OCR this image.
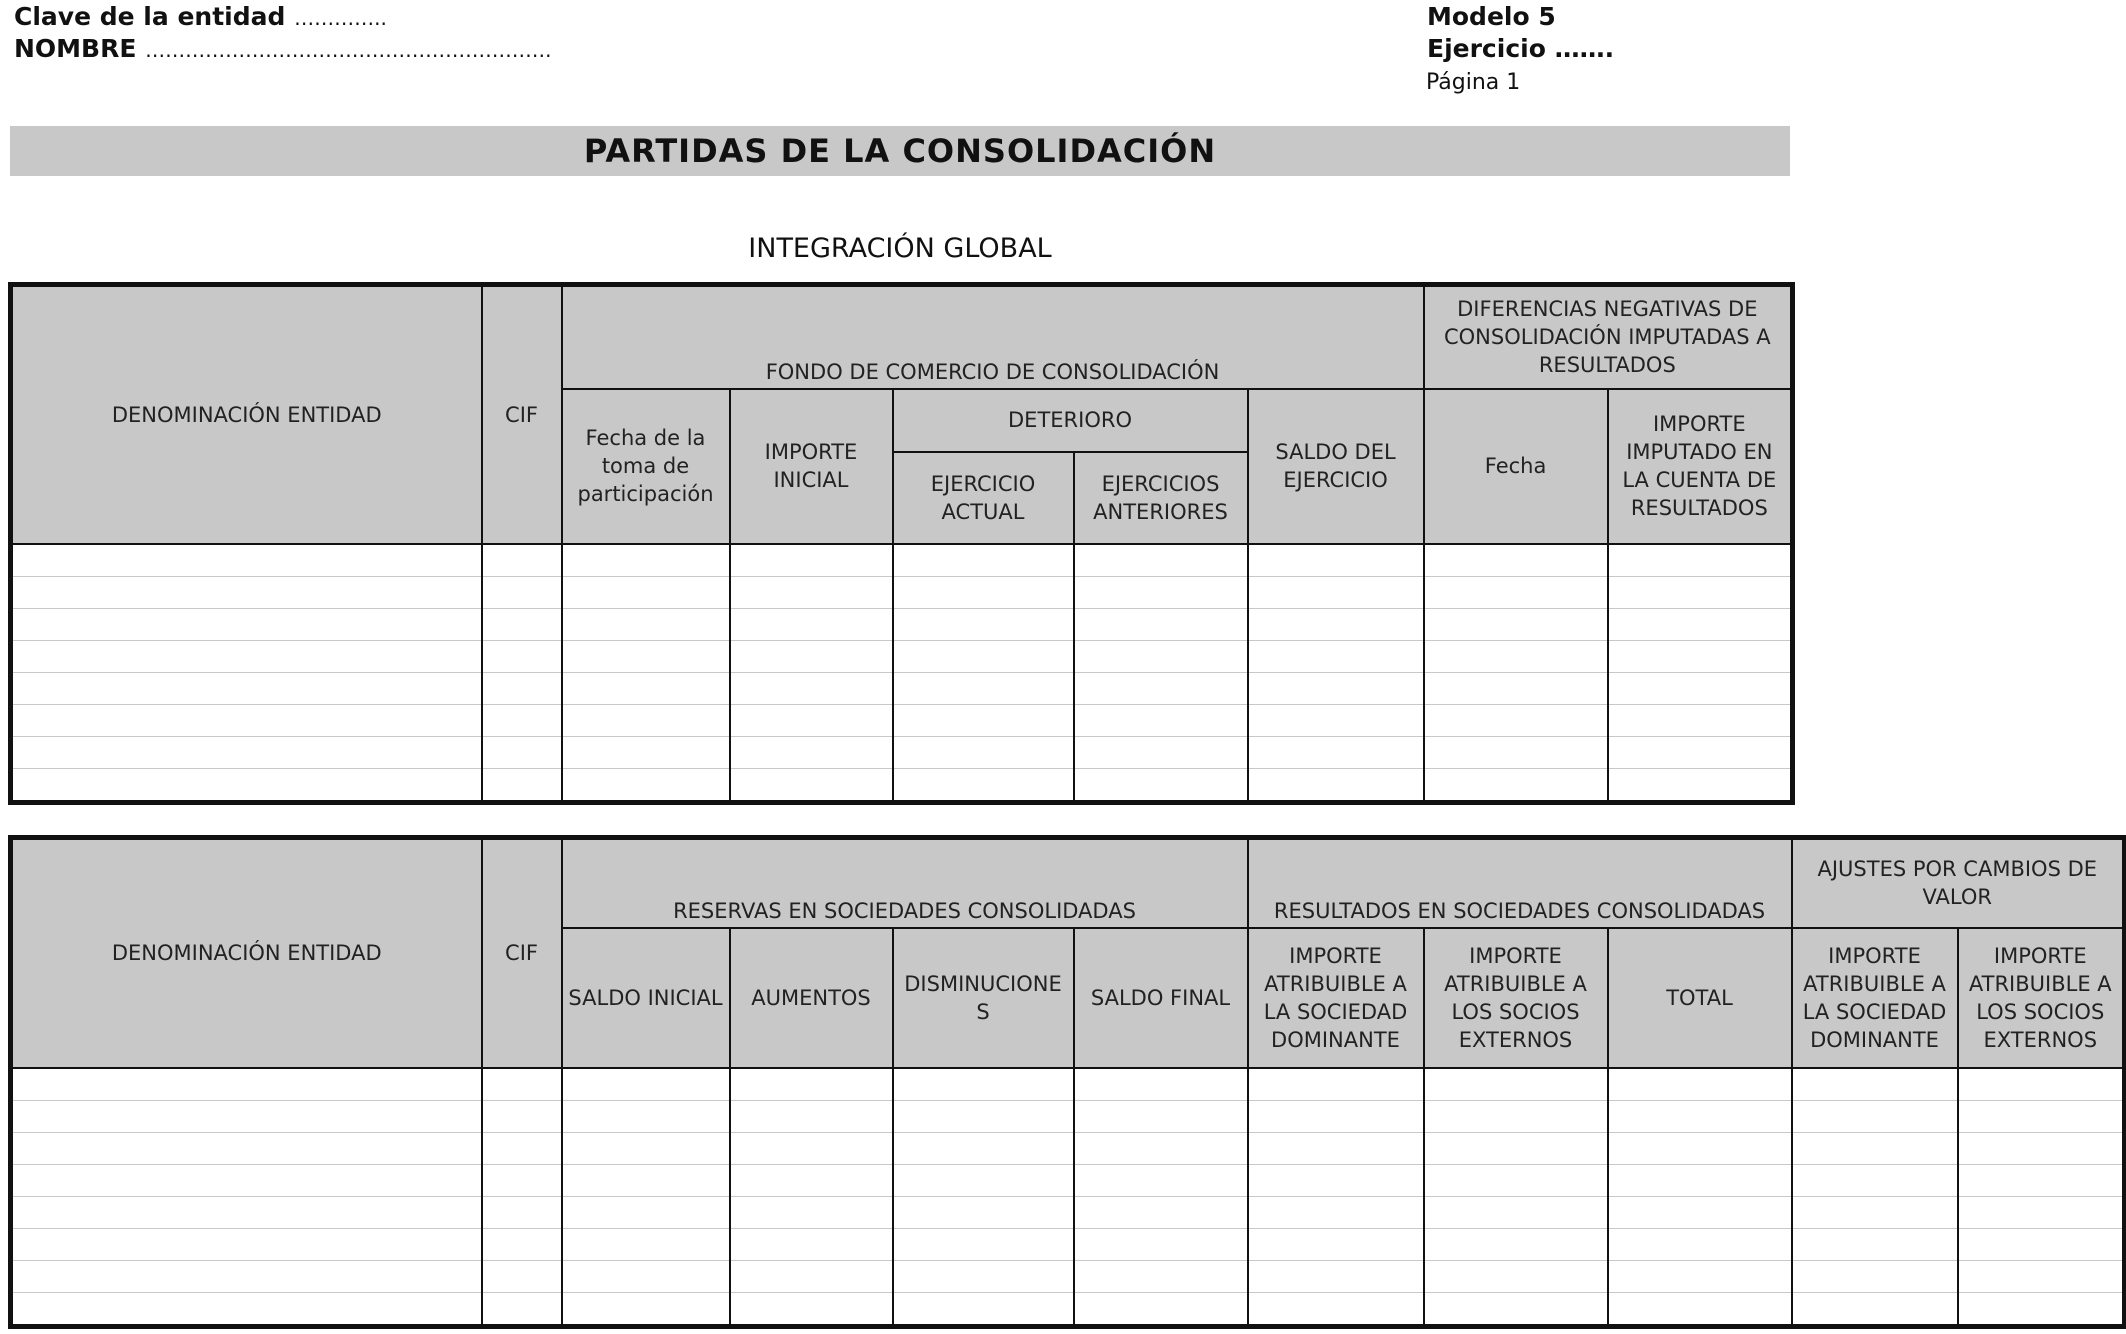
Clave de la entidad …………..
NOMBRE …………………………………………………….
Modelo 5
Ejercicio …….
Página 1
PARTIDAS DE LA CONSOLIDACIÓN
INTEGRACIÓN GLOBAL
DENOMINACIÓN ENTIDAD	CIF	FONDO DE COMERCIO DE CONSOLIDACIÓN					DIFERENCIAS NEGATIVAS DE CONSOLIDACIÓN IMPUTADAS A RESULTADOS	
		Fecha de la toma de participación	IMPORTE INICIAL	DETERIORO		SALDO DEL EJERCICIO	Fecha	IMPORTE IMPUTADO EN LA CUENTA DE RESULTADOS
				EJERCICIO ACTUAL	EJERCICIOS ANTERIORES			

DENOMINACIÓN ENTIDAD	CIF	RESERVAS EN SOCIEDADES CONSOLIDADAS				RESULTADOS EN SOCIEDADES CONSOLIDADAS			AJUSTES POR CAMBIOS DE VALOR	
		SALDO INICIAL	AUMENTOS	DISMINUCIONE S	SALDO FINAL	IMPORTE ATRIBUIBLE A LA SOCIEDAD DOMINANTE	IMPORTE ATRIBUIBLE A LOS SOCIOS EXTERNOS	TOTAL	IMPORTE ATRIBUIBLE A LA SOCIEDAD DOMINANTE	IMPORTE ATRIBUIBLE A LOS SOCIOS EXTERNOS
